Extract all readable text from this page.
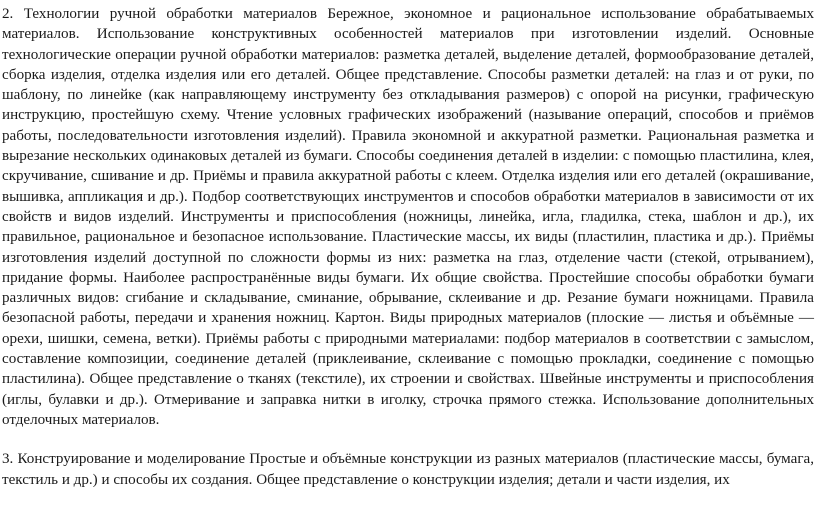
2. Технологии ручной обработки материалов Бережное, экономное и рациональное использование обрабатываемых материалов. Использование конструктивных особенностей материалов при изготовлении изделий. Основные технологические операции ручной обработки материалов: разметка деталей, выделение деталей, формообразование деталей, сборка изделия, отделка изделия или его деталей. Общее представление. Способы разметки деталей: на глаз и от руки, по шаблону, по линейке (как направляющему инструменту без откладывания размеров) с опорой на рисунки, графическую инструкцию, простейшую схему. Чтение условных графических изображений (называние операций, способов и приёмов работы, последовательности изготовления изделий). Правила экономной и аккуратной разметки. Рациональная разметка и вырезание нескольких одинаковых деталей из бумаги. Способы соединения деталей в изделии: с помощью пластилина, клея, скручивание, сшивание и др. Приёмы и правила аккуратной работы с клеем. Отделка изделия или его деталей (окрашивание, вышивка, аппликация и др.). Подбор соответствующих инструментов и способов обработки материалов в зависимости от их свойств и видов изделий. Инструменты и приспособления (ножницы, линейка, игла, гладилка, стека, шаблон и др.), их правильное, рациональное и безопасное использование. Пластические массы, их виды (пластилин, пластика и др.). Приёмы изготовления изделий доступной по сложности формы из них: разметка на глаз, отделение части (стекой, отрыванием), придание формы. Наиболее распространённые виды бумаги. Их общие свойства. Простейшие способы обработки бумаги различных видов: сгибание и складывание, сминание, обрывание, склеивание и др. Резание бумаги ножницами. Правила безопасной работы, передачи и хранения ножниц. Картон. Виды природных материалов (плоские — листья и объёмные — орехи, шишки, семена, ветки). Приёмы работы с природными материалами: подбор материалов в соответствии с замыслом, составление композиции, соединение деталей (приклеивание, склеивание с помощью прокладки, соединение с помощью пластилина). Общее представление о тканях (текстиле), их строении и свойствах. Швейные инструменты и приспособления (иглы, булавки и др.). Отмеривание и заправка нитки в иголку, строчка прямого стежка. Использование дополнительных отделочных материалов.

3. Конструирование и моделирование Простые и объёмные конструкции из разных материалов (пластические массы, бумага, текстиль и др.) и способы их создания. Общее представление о конструкции изделия; детали и части изделия, их
